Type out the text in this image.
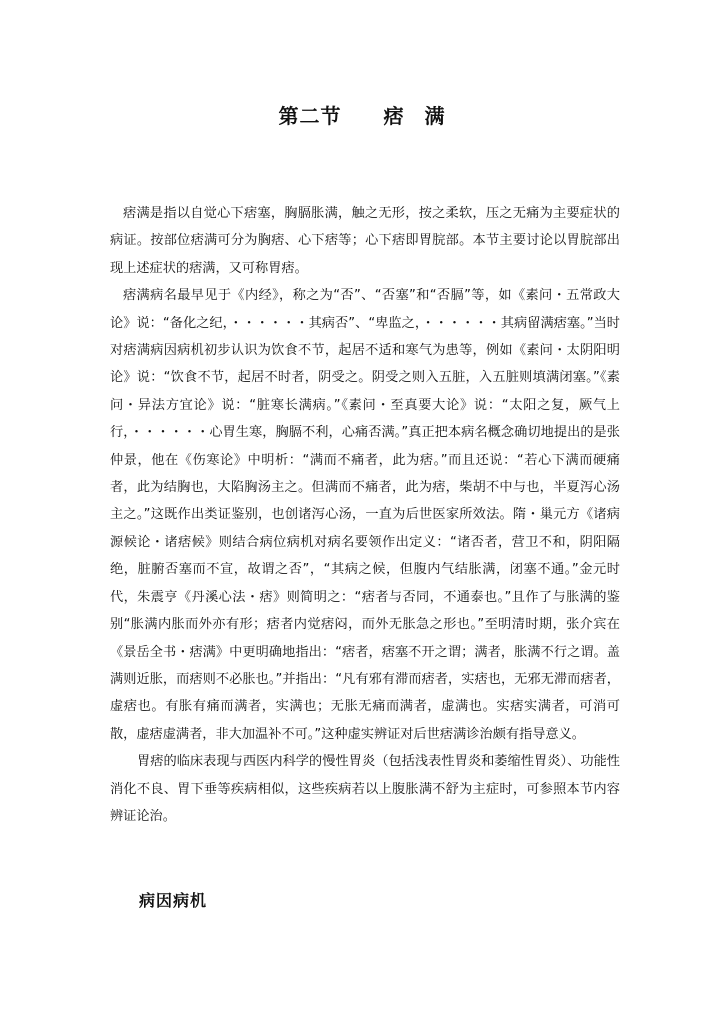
第二节 痞 满

痞满是指以自觉心下痞塞，胸膈胀满，触之无形，按之柔软，压之无痛为主要症状的病证。按部位痞满可分为胸痞、心下痞等；心下痞即胃脘部。本节主要讨论以胃脘部出现上述症状的痞满，又可称胃痞。

痞满病名最早见于《内经》，称之为“否”、“否塞”和“否膈”等，如《素问・五常政大论》说：“备化之纪，・・・・・・其病否”、“卑监之，・・・・・・其病留满痞塞。”当时对痞满病因病机初步认识为饮食不节，起居不适和寒气为患等，例如《素问・太阴阳明论》说：“饮食不节，起居不时者，阴受之。阴受之则入五脏，入五脏则填满闭塞。”《素问・异法方宜论》说：“脏寒长满病。”《素问・至真要大论》说：“太阳之复，厥气上行，・・・・・・心胃生寒，胸膈不利，心痛否满。”真正把本病名概念确切地提出的是张仲景，他在《伤寒论》中明析：“满而不痛者，此为痞。”而且还说：“若心下满而硬痛者，此为结胸也，大陷胸汤主之。但满而不痛者，此为痞，柴胡不中与也，半夏泻心汤主之。”这既作出类证鉴别，也创诸泻心汤，一直为后世医家所效法。隋・巢元方《诸病源候论・诸痞候》则结合病位病机对病名要领作出定义：“诸否者，营卫不和，阴阳隔绝，脏腑否塞而不宣，故谓之否”，“其病之候，但腹内气结胀满，闭塞不通。”金元时代，朱震亨《丹溪心法・痞》则简明之：“痞者与否同，不通泰也。”且作了与胀满的鉴别“胀满内胀而外亦有形；痞者内觉痞闷，而外无胀急之形也。”至明清时期，张介宾在《景岳全书・痞满》中更明确地指出：“痞者，痞塞不开之谓；满者，胀满不行之谓。盖满则近胀，而痞则不必胀也。”并指出：“凡有邪有滞而痞者，实痞也，无邪无滞而痞者，虚痞也。有胀有痛而满者，实满也；无胀无痛而满者，虚满也。实痞实满者，可消可散，虚痞虚满者，非大加温补不可。”这种虚实辨证对后世痞满诊治颇有指导意义。

胃痞的临床表现与西医内科学的慢性胃炎（包括浅表性胃炎和萎缩性胃炎）、功能性消化不良、胃下垂等疾病相似，这些疾病若以上腹胀满不舒为主症时，可参照本节内容辨证论治。

病因病机
